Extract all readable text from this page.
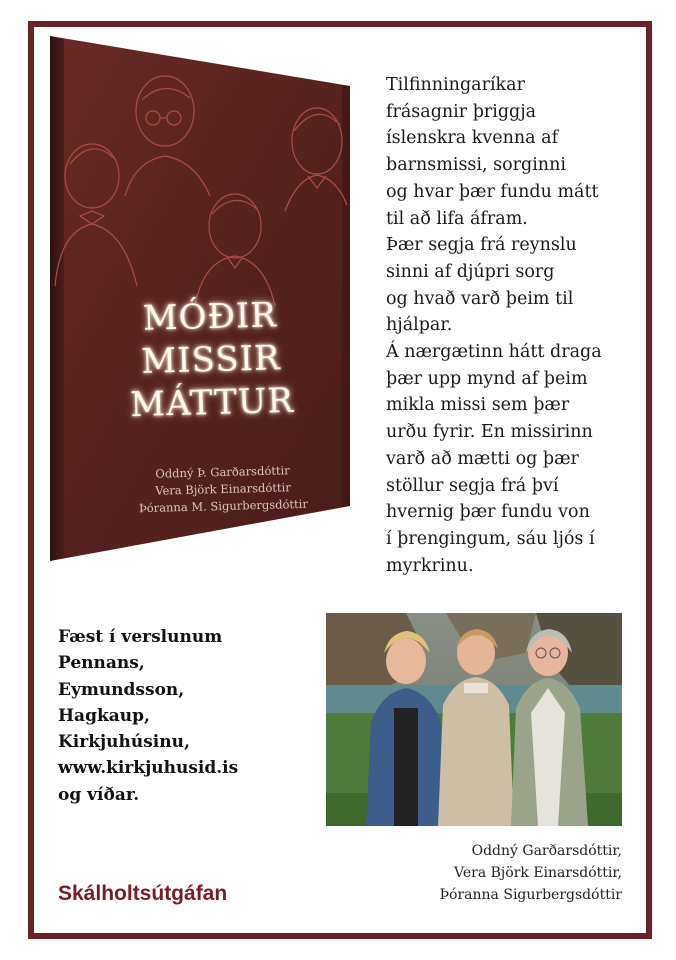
MÓÐIR
MISSIR
MÁTTUR
Oddný Þ. Garðarsdóttir
Vera Björk Einarsdóttir
Þóranna M. Sigurbergsdóttir
Tilfinningaríkar
frásagnir þriggja
íslenskra kvenna af
barnsmissi, sorginni
og hvar þær fundu mátt
til að lifa áfram.
Þær segja frá reynslu
sinni af djúpri sorg
og hvað varð þeim til
hjálpar.
Á nærgætinn hátt draga
þær upp mynd af þeim
mikla missi sem þær
urðu fyrir. En missirinn
varð að mætti og þær
stöllur segja frá því
hvernig þær fundu von
í þrengingum, sáu ljós í
myrkrinu.
Fæst í verslunum
Pennans,
Eymundsson,
Hagkaup,
Kirkjuhúsinu,
www.kirkjuhusid.is
og víðar.
Oddný Garðarsdóttir,
Vera Björk Einarsdóttir,
Þóranna Sigurbergsdóttir
Skálholtsútgáfan
